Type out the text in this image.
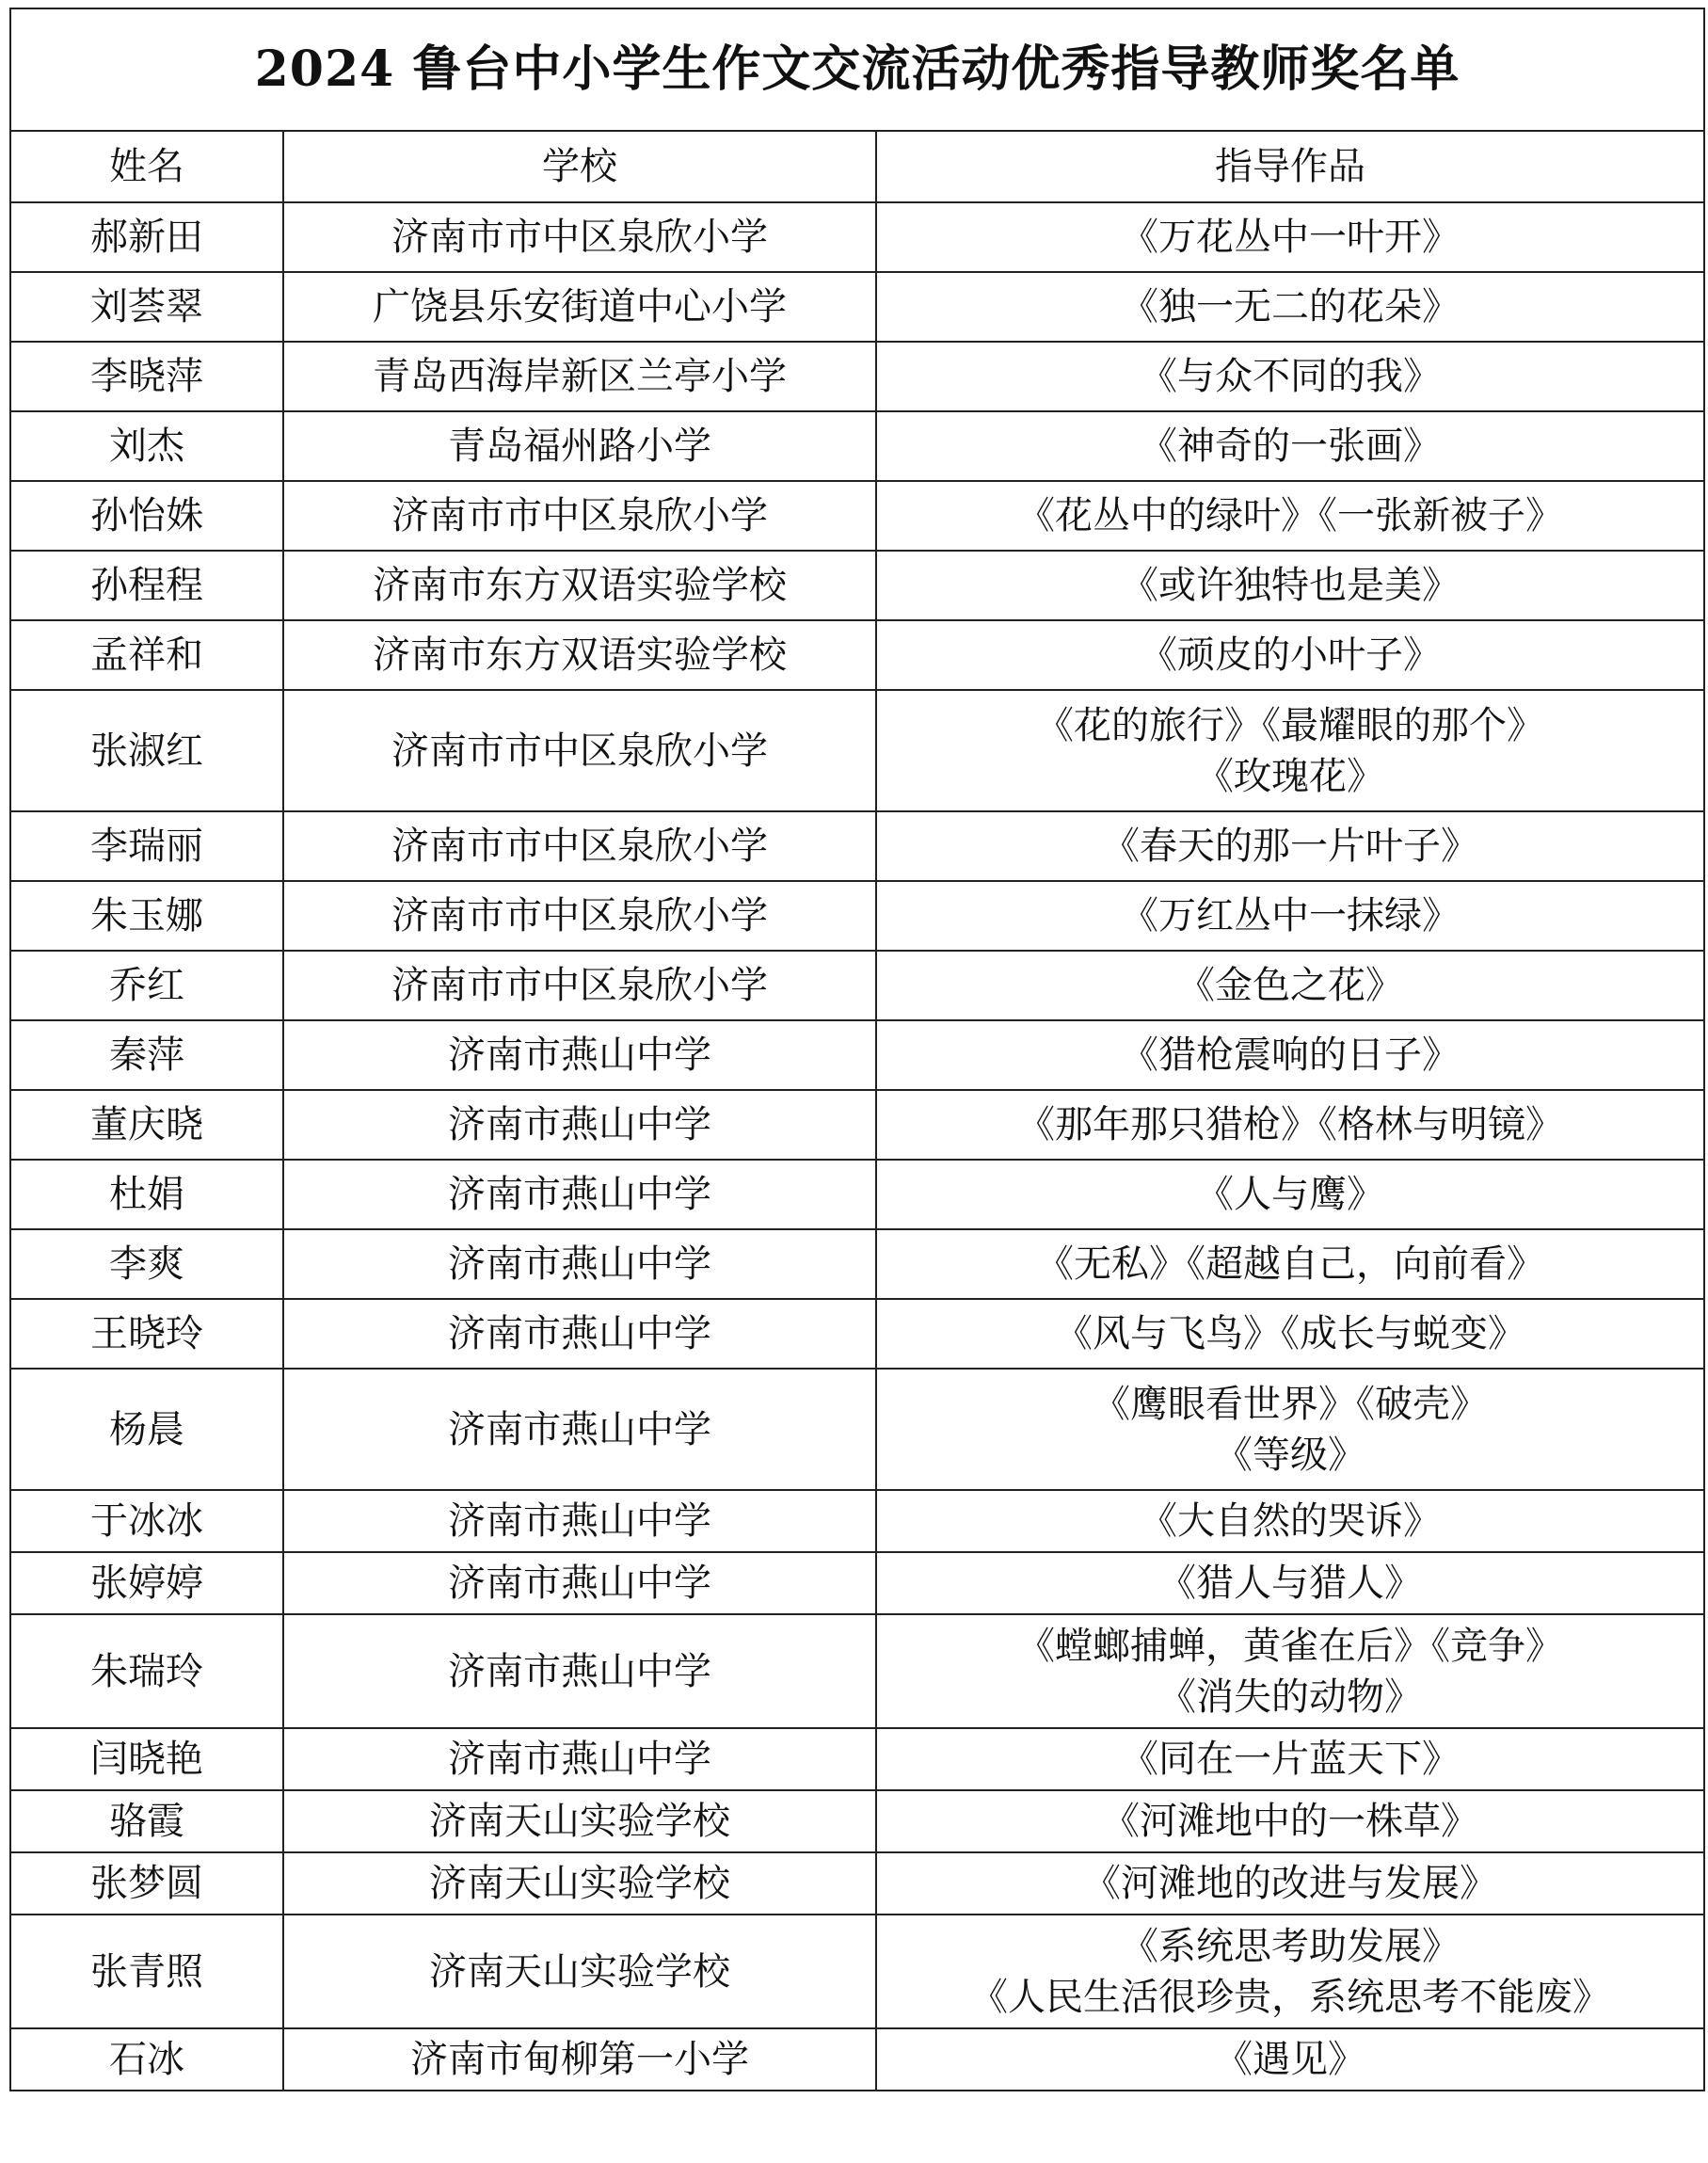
2024 鲁台中小学生作文交流活动优秀指导教师奖名单		
姓名	学校	指导作品
郝新田	济南市市中区泉欣小学	《万花丛中一叶开》

刘荟翠	广饶县乐安街道中心小学	《独一无二的花朵》

李晓萍	青岛西海岸新区兰亭小学	《与众不同的我》

刘杰	青岛福州路小学	《神奇的一张画》

孙怡姝	济南市市中区泉欣小学	《花丛中的绿叶》《一张新被子》

孙程程	济南市东方双语实验学校	《或许独特也是美》

孟祥和	济南市东方双语实验学校	《顽皮的小叶子》

张淑红	济南市市中区泉欣小学	《花的旅行》《最耀眼的那个》
《玫瑰花》

李瑞丽	济南市市中区泉欣小学	《春天的那一片叶子》

朱玉娜	济南市市中区泉欣小学	《万红丛中一抹绿》

乔红	济南市市中区泉欣小学	《金色之花》

秦萍	济南市燕山中学	《猎枪震响的日子》

董庆晓	济南市燕山中学	《那年那只猎枪》《格林与明镜》

杜娟	济南市燕山中学	《人与鹰》

李爽	济南市燕山中学	《无私》《超越自己，向前看》

王晓玲	济南市燕山中学	《风与飞鸟》《成长与蜕变》

杨晨	济南市燕山中学	《鹰眼看世界》《破壳》
《等级》

于冰冰	济南市燕山中学	《大自然的哭诉》

张婷婷	济南市燕山中学	《猎人与猎人》

朱瑞玲	济南市燕山中学	《螳螂捕蝉，黄雀在后》《竞争》
《消失的动物》

闫晓艳	济南市燕山中学	《同在一片蓝天下》

骆霞	济南天山实验学校	《河滩地中的一株草》

张梦圆	济南天山实验学校	《河滩地的改进与发展》

张青照	济南天山实验学校	《系统思考助发展》
《人民生活很珍贵，系统思考不能废》

石冰	济南市甸柳第一小学	《遇见》
